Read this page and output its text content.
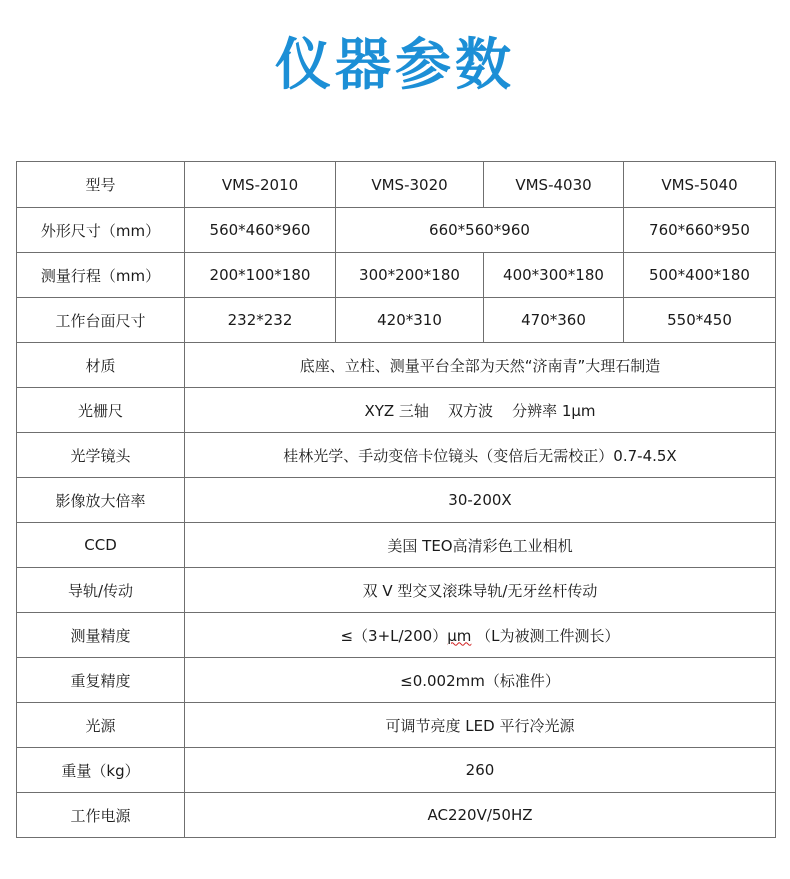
仪器参数
型号	VMS-2010	VMS-3020	VMS-4030	VMS-5040
外形尺寸（mm）	560*460*960	660*560*960		760*660*950
测量行程（mm）	200*100*180	300*200*180	400*300*180	500*400*180
工作台面尺寸	232*232	420*310	470*360	550*450
材质	底座、立柱、测量平台全部为天然“济南青”大理石制造			
光栅尺	XYZ 三轴    双方波    分辨率 1μm			
光学镜头	桂林光学、手动变倍卡位镜头（变倍后无需校正）0.7-4.5X			
影像放大倍率	30-200X			
CCD	美国 TEO高清彩色工业相机			
导轨/传动	双 V 型交叉滚珠导轨/无牙丝杆传动			
测量精度	≤（3+L/200）μm （L为被测工件测长）			
重复精度	≤0.002mm（标准件）			
光源	可调节亮度 LED 平行冷光源			
重量（kg）	260			
工作电源	AC220V/50HZ			
